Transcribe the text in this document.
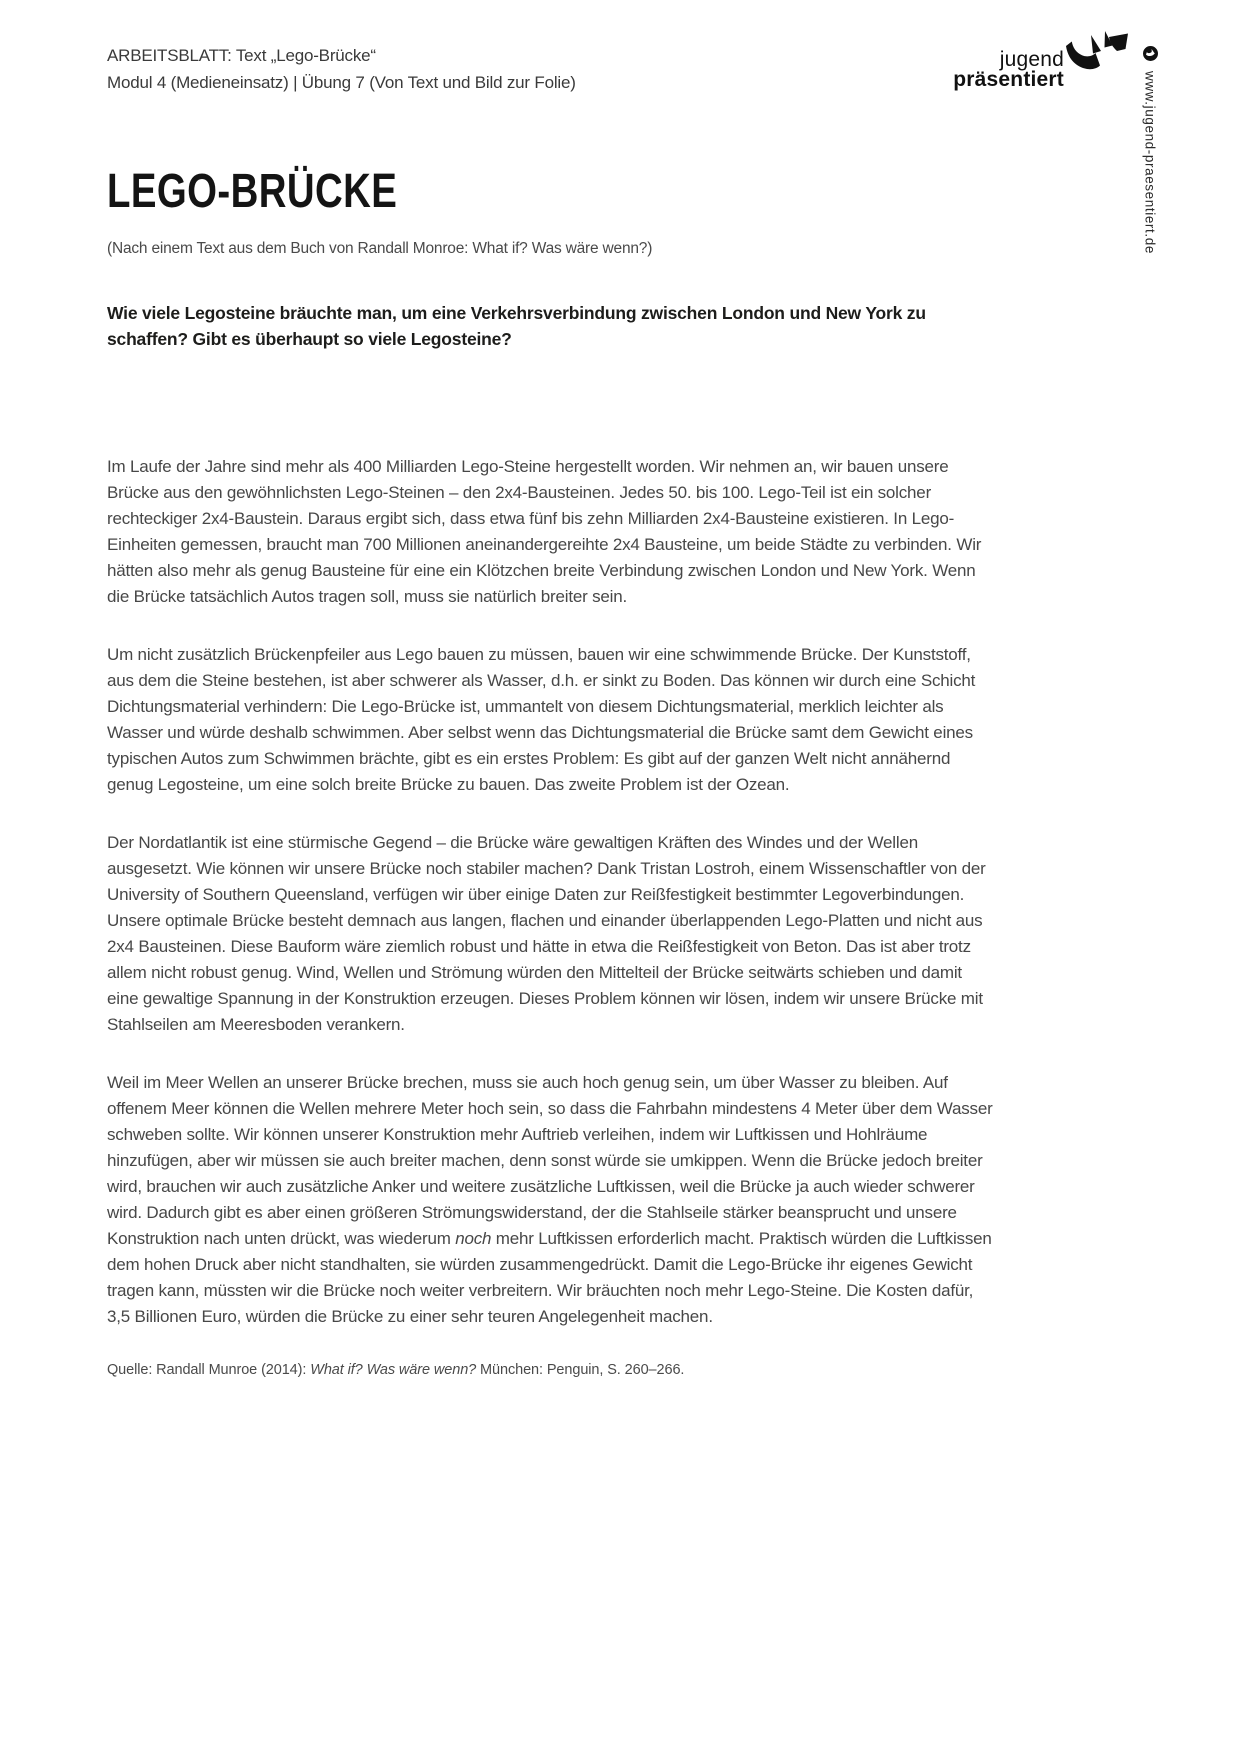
ARBEITSBLATT: Text „Lego-Brücke“
Modul 4 (Medieneinsatz) | Übung 7 (Von Text und Bild zur Folie)
jugend
präsentiert	www.jugend-praesentiert.de
LEGO-BRÜCKE

(Nach einem Text aus dem Buch von Randall Monroe: What if? Was wäre wenn?)

Wie viele Legosteine bräuchte man, um eine Verkehrsverbindung zwischen London und New York zu schaffen? Gibt es überhaupt so viele Legosteine?

Im Laufe der Jahre sind mehr als 400 Milliarden Lego-Steine hergestellt worden. Wir nehmen an, wir bauen unsere Brücke aus den gewöhnlichsten Lego-Steinen – den 2x4-Bausteinen. Jedes 50. bis 100. Lego-Teil ist ein solcher rechteckiger 2x4-Baustein. Daraus ergibt sich, dass etwa fünf bis zehn Milliarden 2x4-Bausteine existieren. In Lego-Einheiten gemessen, braucht man 700 Millionen aneinandergereihte 2x4 Bausteine, um beide Städte zu verbinden. Wir hätten also mehr als genug Bausteine für eine ein Klötzchen breite Verbindung zwischen London und New York. Wenn die Brücke tatsächlich Autos tragen soll, muss sie natürlich breiter sein.

Um nicht zusätzlich Brückenpfeiler aus Lego bauen zu müssen, bauen wir eine schwimmende Brücke. Der Kunststoff, aus dem die Steine bestehen, ist aber schwerer als Wasser, d.h. er sinkt zu Boden. Das können wir durch eine Schicht Dichtungsmaterial verhindern: Die Lego-Brücke ist, ummantelt von diesem Dichtungsmaterial, merklich leichter als Wasser und würde deshalb schwimmen. Aber selbst wenn das Dichtungsmaterial die Brücke samt dem Gewicht eines typischen Autos zum Schwimmen brächte, gibt es ein erstes Problem: Es gibt auf der ganzen Welt nicht annähernd genug Legosteine, um eine solch breite Brücke zu bauen. Das zweite Problem ist der Ozean.

Der Nordatlantik ist eine stürmische Gegend – die Brücke wäre gewaltigen Kräften des Windes und der Wellen ausgesetzt. Wie können wir unsere Brücke noch stabiler machen? Dank Tristan Lostroh, einem Wissenschaftler von der University of Southern Queensland, verfügen wir über einige Daten zur Reißfestigkeit bestimmter Legoverbindungen. Unsere optimale Brücke besteht demnach aus langen, flachen und einander überlappenden Lego-Platten und nicht aus 2x4 Bausteinen. Diese Bauform wäre ziemlich robust und hätte in etwa die Reißfestigkeit von Beton. Das ist aber trotz allem nicht robust genug. Wind, Wellen und Strömung würden den Mittelteil der Brücke seitwärts schieben und damit eine gewaltige Spannung in der Konstruktion erzeugen. Dieses Problem können wir lösen, indem wir unsere Brücke mit Stahlseilen am Meeresboden verankern.

Weil im Meer Wellen an unserer Brücke brechen, muss sie auch hoch genug sein, um über Wasser zu bleiben. Auf offenem Meer können die Wellen mehrere Meter hoch sein, so dass die Fahrbahn mindestens 4 Meter über dem Wasser schweben sollte. Wir können unserer Konstruktion mehr Auftrieb verleihen, indem wir Luftkissen und Hohlräume hinzufügen, aber wir müssen sie auch breiter machen, denn sonst würde sie umkippen. Wenn die Brücke jedoch breiter wird, brauchen wir auch zusätzliche Anker und weitere zusätzliche Luftkissen, weil die Brücke ja auch wieder schwerer wird. Dadurch gibt es aber einen größeren Strömungswiderstand, der die Stahlseile stärker beansprucht und unsere Konstruktion nach unten drückt, was wiederum noch mehr Luftkissen erforderlich macht. Praktisch würden die Luftkissen dem hohen Druck aber nicht standhalten, sie würden zusammengedrückt. Damit die Lego-Brücke ihr eigenes Gewicht tragen kann, müssten wir die Brücke noch weiter verbreitern. Wir bräuchten noch mehr Lego-Steine. Die Kosten dafür, 3,5 Billionen Euro, würden die Brücke zu einer sehr teuren Angelegenheit machen.

Quelle: Randall Munroe (2014): What if? Was wäre wenn? München: Penguin, S. 260–266.
